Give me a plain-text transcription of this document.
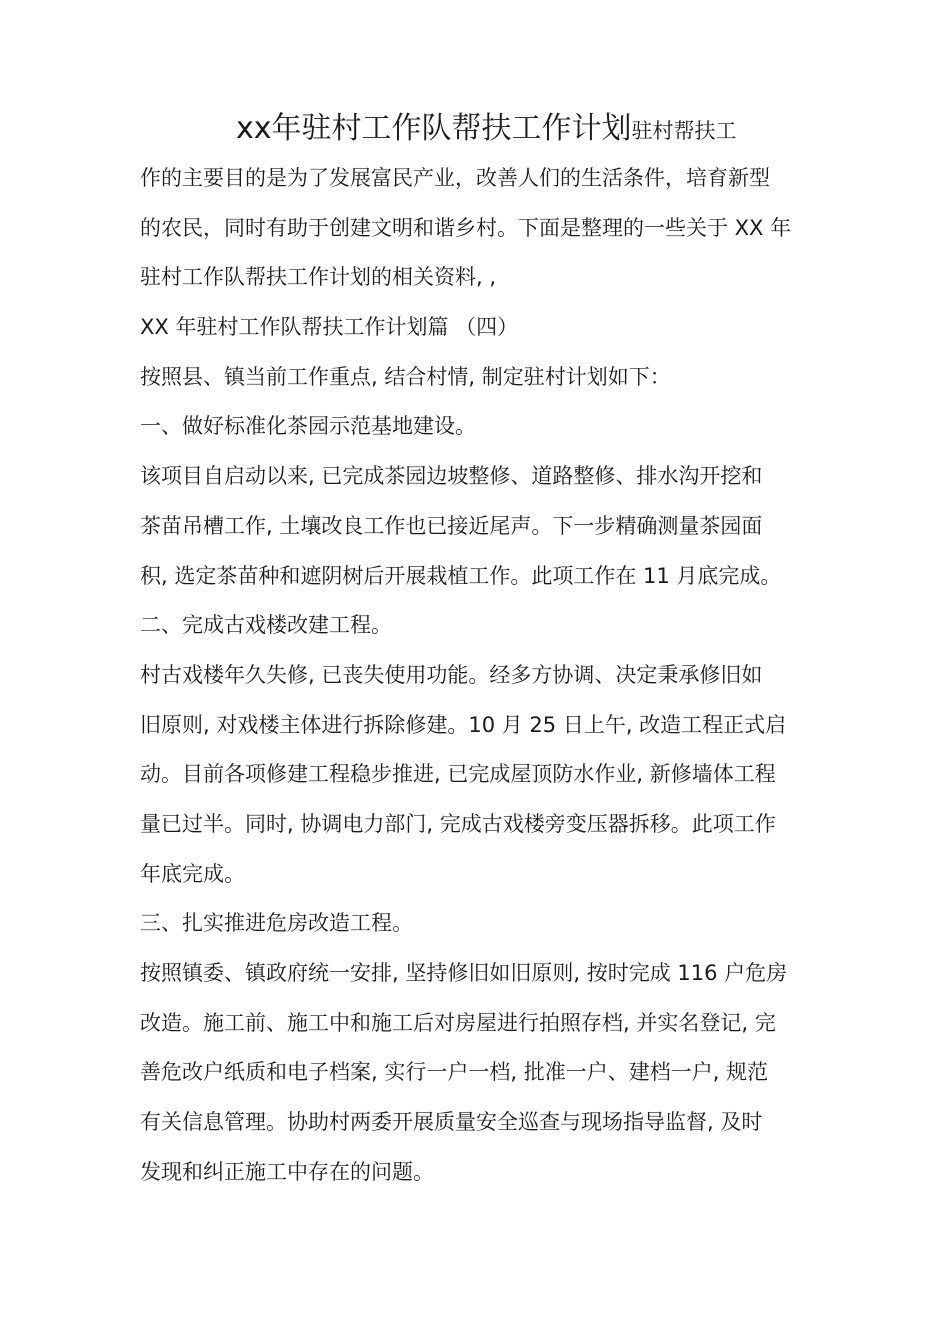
xx年驻村工作队帮扶工作计划驻村帮扶工
作的主要目的是为了发展富民产业，改善人们的生活条件，培育新型
的农民，同时有助于创建文明和谐乡村。下面是整理的一些关于 XX 年
驻村工作队帮扶工作计划的相关资料, ,
XX 年驻村工作队帮扶工作计划篇 （四）
按照县、镇当前工作重点, 结合村情, 制定驻村计划如下：
一、做好标准化茶园示范基地建设。
该项目自启动以来, 已完成茶园边坡整修、道路整修、排水沟开挖和
茶苗吊槽工作, 土壤改良工作也已接近尾声。下一步精确测量茶园面
积, 选定茶苗种和遮阴树后开展栽植工作。此项工作在 11 月底完成。
二、完成古戏楼改建工程。
村古戏楼年久失修, 已丧失使用功能。经多方协调、决定秉承修旧如
旧原则, 对戏楼主体进行拆除修建。10 月 25 日上午, 改造工程正式启
动。目前各项修建工程稳步推进, 已完成屋顶防水作业, 新修墙体工程
量已过半。同时, 协调电力部门, 完成古戏楼旁变压器拆移。此项工作
年底完成。
三、扎实推进危房改造工程。
按照镇委、镇政府统一安排, 坚持修旧如旧原则, 按时完成 116 户危房
改造。施工前、施工中和施工后对房屋进行拍照存档, 并实名登记, 完
善危改户纸质和电子档案, 实行一户一档, 批准一户、建档一户, 规范
有关信息管理。协助村两委开展质量安全巡查与现场指导监督, 及时
发现和纠正施工中存在的问题。
